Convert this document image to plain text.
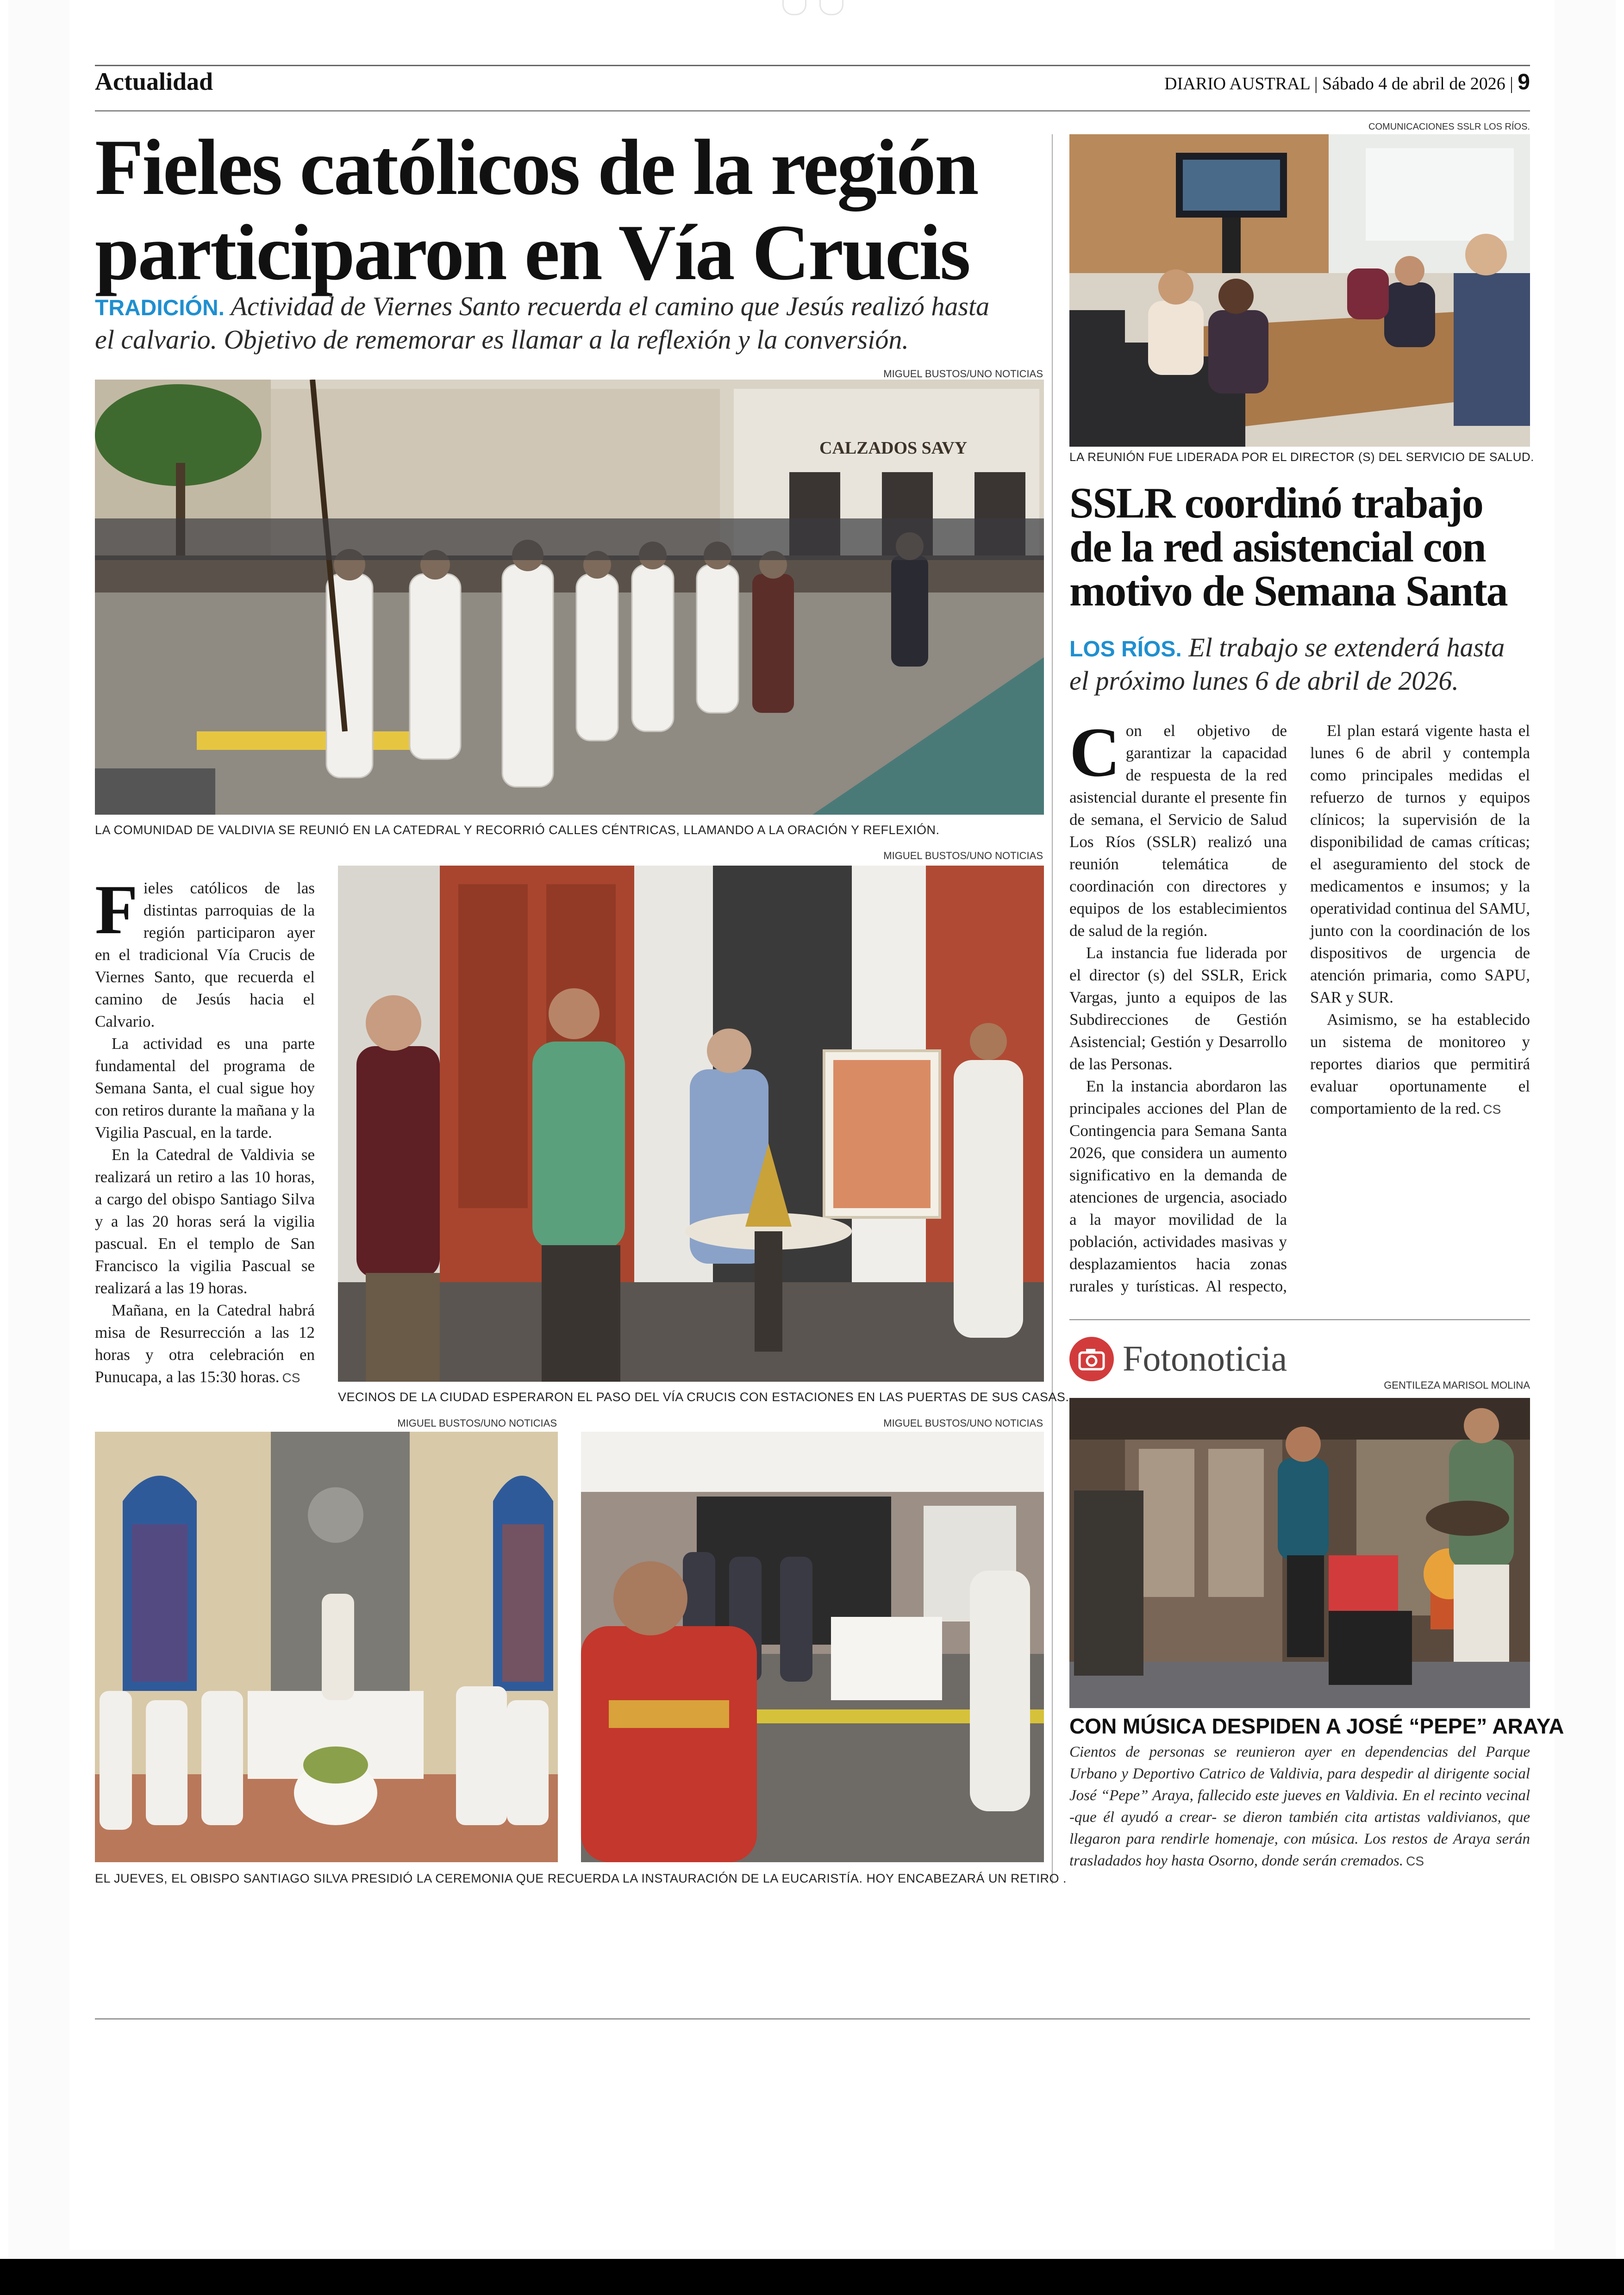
Actualidad	DIARIO AUSTRAL | Sábado 4 de abril de 2026 | 9
Fieles católicos de la región
participaron en Vía Crucis
TRADICIÓN. Actividad de Viernes Santo recuerda el camino que Jesús realizó hasta
el calvario. Objetivo de rememorar es llamar a la reflexión y la conversión.
MIGUEL BUSTOS/UNO NOTICIAS
CALZADOS SAVY
LA COMUNIDAD DE VALDIVIA SE REUNIÓ EN LA CATEDRAL Y RECORRIÓ CALLES CÉNTRICAS, LLAMANDO A LA ORACIÓN Y REFLEXIÓN.

Fieles católicos de las distintas parroquias de la región participaron ayer en el tradicional Vía Crucis de Viernes Santo, que recuerda el camino de Jesús hacia el Calvario.

La actividad es una parte fundamental del programa de Semana Santa, el cual sigue hoy con retiros durante la mañana y la Vigilia Pascual, en la tarde.

En la Catedral de Valdivia se realizará un retiro a las 10 horas, a cargo del obispo Santiago Silva y a las 20 horas será la vigilia pascual. En el templo de San Francisco la vigilia Pascual se realizará a las 19 horas.

Mañana, en la Catedral habrá misa de Resurrección a las 12 horas y otra celebración en Punucapa, a las 15:30 horas. CS

MIGUEL BUSTOS/UNO NOTICIAS
VECINOS DE LA CIUDAD ESPERARON EL PASO DEL VÍA CRUCIS CON ESTACIONES EN LAS PUERTAS DE SUS CASAS.
MIGUEL BUSTOS/UNO NOTICIAS	MIGUEL BUSTOS/UNO NOTICIAS
EL JUEVES, EL OBISPO SANTIAGO SILVA PRESIDIÓ LA CEREMONIA QUE RECUERDA LA INSTAURACIÓN DE LA EUCARISTÍA. HOY ENCABEZARÁ UN RETIRO .
COMUNICACIONES SSLR LOS RÍOS.
LA REUNIÓN FUE LIDERADA POR EL DIRECTOR (S) DEL SERVICIO DE SALUD.
SSLR coordinó trabajo
de la red asistencial con
motivo de Semana Santa
LOS RÍOS. El trabajo se extenderá hasta
el próximo lunes 6 de abril de 2026.

Con el objetivo de garantizar la capacidad de respuesta de la red asistencial durante el presente fin de semana, el Servicio de Salud Los Ríos (SSLR) realizó una reunión telemática de coordinación con directores y equipos de los establecimientos de salud de la región.

La instancia fue liderada por el director (s) del SSLR, Erick Vargas, junto a equipos de las Subdirecciones de Gestión Asistencial; Gestión y Desarrollo de las Personas.

En la instancia abordaron las principales acciones del Plan de Contingencia para Semana Santa 2026, que considera un aumento significativo en la demanda de atenciones de urgencia, asociado a la mayor movilidad de la población, actividades masivas y desplazamientos hacia zonas rurales y turísticas. Al respecto,

El plan estará vigente hasta el lunes 6 de abril y contempla como principales medidas el refuerzo de turnos y equipos clínicos; la supervisión de la disponibilidad de camas críticas; el aseguramiento del stock de medicamentos e insumos; y la operatividad continua del SAMU, junto con la coordinación de los dispositivos de urgencia de atención primaria, como SAPU, SAR y SUR.

Asimismo, se ha establecido un sistema de monitoreo y reportes diarios que permitirá evaluar oportunamente el comportamiento de la red. CS

Fotonoticia
GENTILEZA MARISOL MOLINA
CON MÚSICA DESPIDEN A JOSÉ “PEPE” ARAYA
Cientos de personas se reunieron ayer en dependencias del Parque Urbano y Deportivo Catrico de Valdivia, para despedir al dirigente social José “Pepe” Araya, fallecido este jueves en Valdivia. En el recinto vecinal -que él ayudó a crear- se dieron también cita artistas valdivianos, que llegaron para rendirle homenaje, con música. Los restos de Araya serán trasladados hoy hasta Osorno, donde serán cremados. CS
